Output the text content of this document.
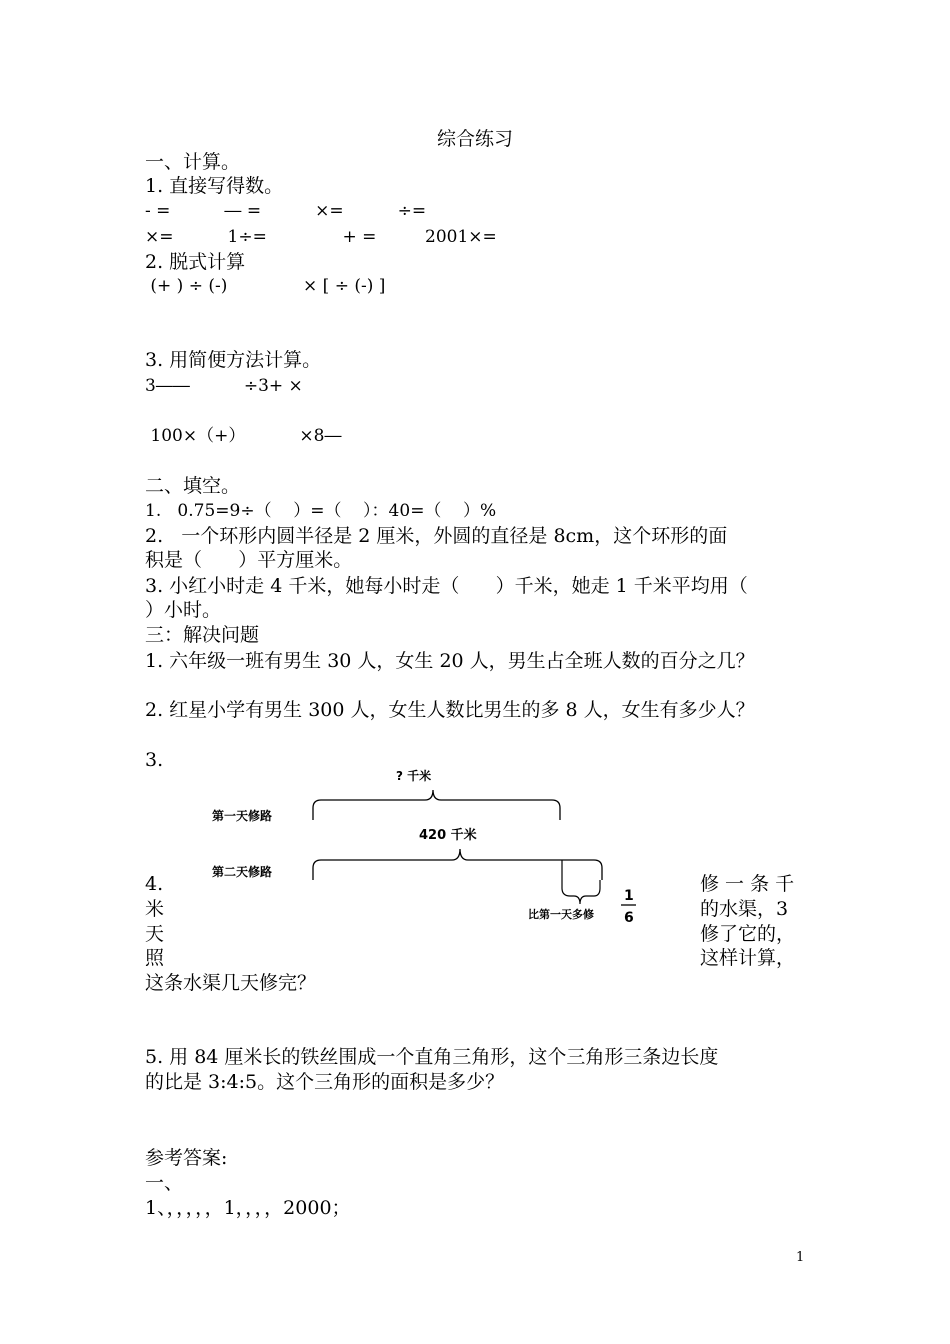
综合练习
一、计算。
1. 直接写得数。
- =          ― =          ×=          ÷=
×=          1÷=              + =         2001×=
2. 脱式计算
(+ ) ÷ (-)              × [ ÷ (-) ]
3. 用简便方法计算。
3――          ÷3+ ×
100×（+）          ×8―
二、填空。
1.   0.75=9÷（    ）=（    ）：40=（    ）%
2.   一个环形内圆半径是 2 厘米，外圆的直径是 8cm，这个环形的面
积是（      ）平方厘米。
3. 小红小时走 4 千米，她每小时走（      ）千米，她走 1 千米平均用（
）小时。
三：解决问题
1. 六年级一班有男生 30 人，女生 20 人，男生占全班人数的百分之几？
2. 红星小学有男生 300 人，女生人数比男生的多 8 人，女生有多少人？
3.
? 千米
第一天修路
420 千米
第二天修路
比第一天多修
1
6
4.
米
天
照
修 一 条 千
的水渠，3
修了它的，
这样计算，
这条水渠几天修完？
5. 用 84 厘米长的铁丝围成一个直角三角形，这个三角形三条边长度
的比是 3:4:5。这个三角形的面积是多少？
参考答案:
一、
1、，，，，，1，，，，2000；
1
